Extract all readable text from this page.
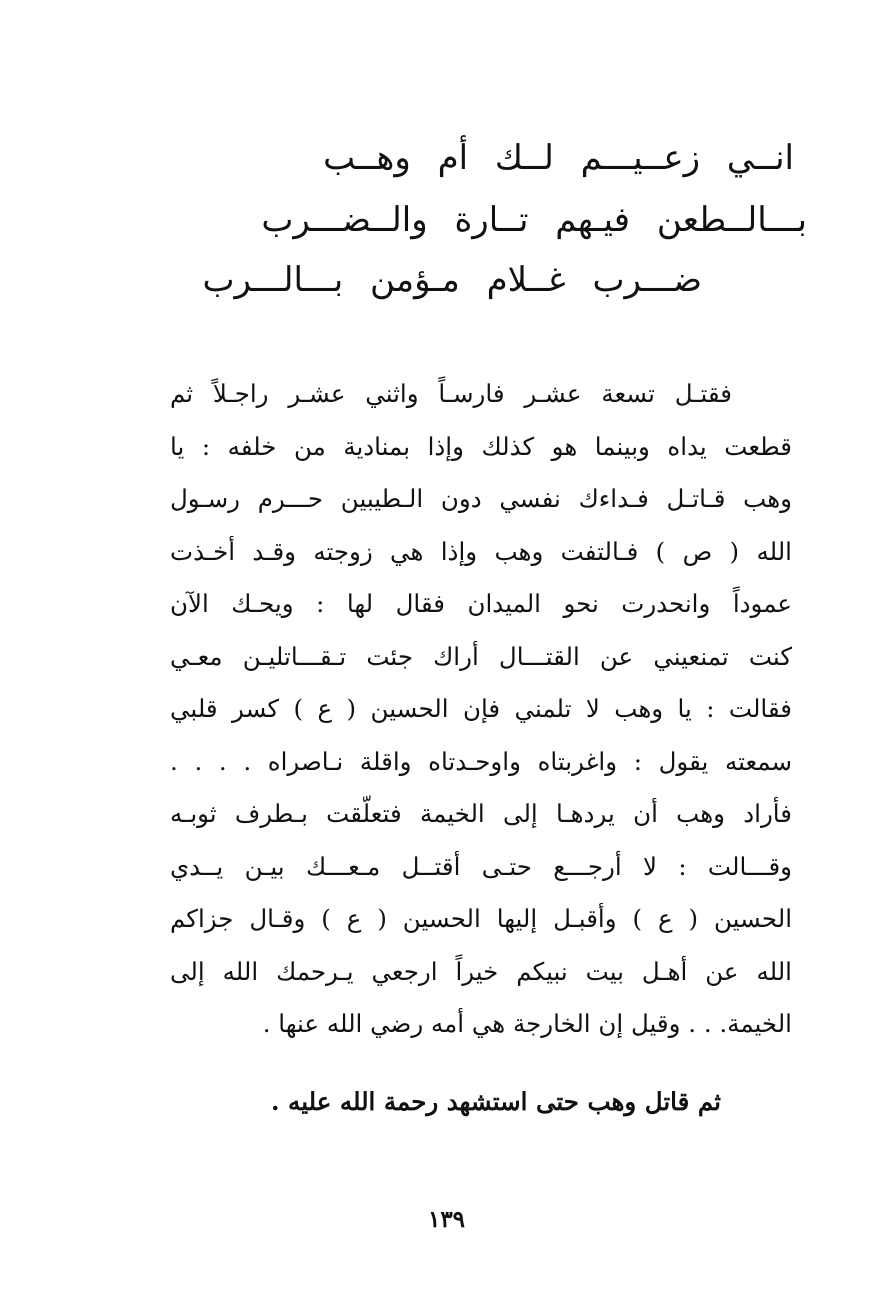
انــي زعــيـــم لــك أم وهــب
بـــالــطعن فيـهم تــارة والــضـــرب
ضـــرب غــلام مـؤمن بـــالـــرب
فقتـل تسعة عشـر فارسـاً واثني عشـر راجـلاً ثم
قطعت يداه وبينما هو كذلك وإذا بمنادية من خلفه : يا
وهب قـاتـل فـداءك نفسي دون الـطيبين حـــرم رسـول
الله ( ص ) فـالتفت وهب وإذا هي زوجته وقـد أخـذت
عموداً وانحدرت نحو الميدان فقال لها : ويحـك الآن
كنت تمنعيني عن القتـــال أراك جئت تـقـــاتليـن معـي
فقالت : يا وهب لا تلمني فإن الحسين ( ع ) كسر قلبي
سمعته يقول : واغربتاه واوحـدتاه واقلة نـاصراه . . . .
فأراد وهب أن يردهـا إلى الخيمة فتعلّقت بـطرف ثوبـه
وقـــالت : لا أرجـــع حتـى أقتــل مـعـــك بيـن يــدي
الحسين ( ع ) وأقبـل إليها الحسين ( ع ) وقـال جزاكم
الله عن أهـل بيت نبيكم خيراً ارجعي يـرحمك الله إلى
الخيمة. . . وقيل إن الخارجة هي أمه رضي الله عنها .
ثم قاتل وهب حتى استشهد رحمة الله عليه .
١٣٩
